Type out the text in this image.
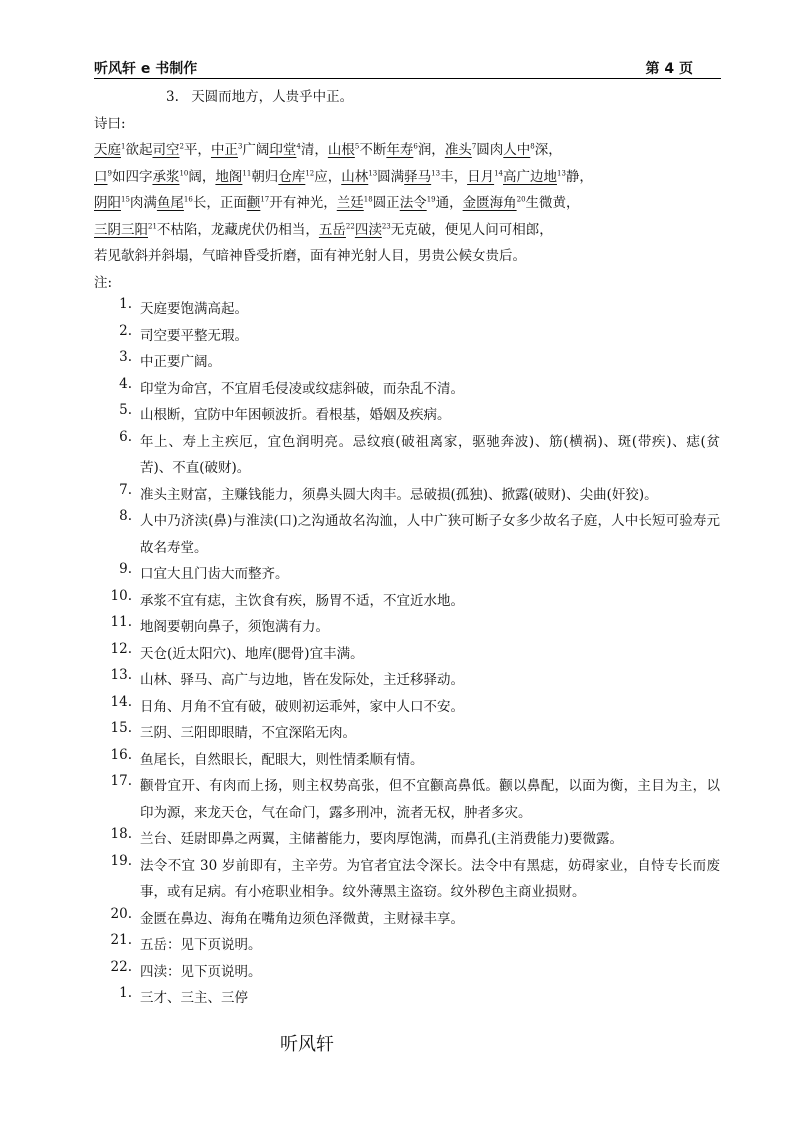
听风轩 e 书制作	第 4 页
3. 天圆而地方，人贵乎中正。
诗曰:
天庭$^1$欲起司空$^2$平，中正$^3$广阔印堂$^4$清，山根$^5$不断年寿$^6$润，准头$^7$圆肉人中$^8$深，
口$^9$如四字承浆$^{10}$阔，地阁$^{11}$朝归仓库$^{12}$应，山林$^{13}$圆满驿马$^{13}$丰，日月$^{14}$高广边地$^{13}$静，
阴阳$^{15}$肉满鱼尾$^{16}$长，正面颧$^{17}$开有神光，兰廷$^{18}$圆正法令$^{19}$通，金匮海角$^{20}$生微黄，
三阴三阳$^{21}$不枯陷，龙藏虎伏仍相当，五岳$^{22}$四渎$^{23}$无克破，便见人问可相郎，
若见欹斜并斜塌，气暗神昏受折磨，面有神光射人目，男贵公候女贵后。
注:
1. 天庭要饱满高起。
2. 司空要平整无瑕。
3. 中正要广阔。
4. 印堂为命宫，不宜眉毛侵凌或纹痣斜破，而杂乱不清。
5. 山根断，宜防中年困顿波折。看根基，婚姻及疾病。
6. 年上、寿上主疾厄，宜色润明亮。忌纹痕(破祖离家，驱驰奔波)、筋(横祸)、斑(带疾)、痣(贫苦)、不直(破财)。
7. 准头主财富，主赚钱能力，须鼻头圆大肉丰。忌破损(孤独)、掀露(破财)、尖曲(奸狡)。
8. 人中乃济渎(鼻)与淮渎(口)之沟通故名沟洫，人中广狭可断子女多少故名子庭，人中长短可验寿元故名寿堂。
9. 口宜大且门齿大而整齐。
10. 承浆不宜有痣，主饮食有疾，肠胃不适，不宜近水地。
11. 地阁要朝向鼻子，须饱满有力。
12. 天仓(近太阳穴)、地库(腮骨)宜丰满。
13. 山林、驿马、高广与边地，皆在发际处，主迁移驿动。
14. 日角、月角不宜有破，破则初运乖舛，家中人口不安。
15. 三阴、三阳即眼睛，不宜深陷无肉。
16. 鱼尾长，自然眼长，配眼大，则性情柔顺有情。
17. 颧骨宜开、有肉而上扬，则主权势高张，但不宜颧高鼻低。颧以鼻配，以面为衡，主目为主，以印为源，来龙天仓，气在命门，露多刑冲，流者无权，肿者多灾。
18. 兰台、廷尉即鼻之两翼，主储蓄能力，要肉厚饱满，而鼻孔(主消费能力)要微露。
19. 法令不宜 30 岁前即有，主辛劳。为官者宜法令深长。法令中有黑痣，妨碍家业，自恃专长而废事，或有足病。有小疮职业相争。纹外薄黑主盗窃。纹外秽色主商业损财。
20. 金匮在鼻边、海角在嘴角边须色泽微黄，主财禄丰享。
21. 五岳：见下页说明。
22. 四渎：见下页说明。
1. 三才、三主、三停
听风轩
